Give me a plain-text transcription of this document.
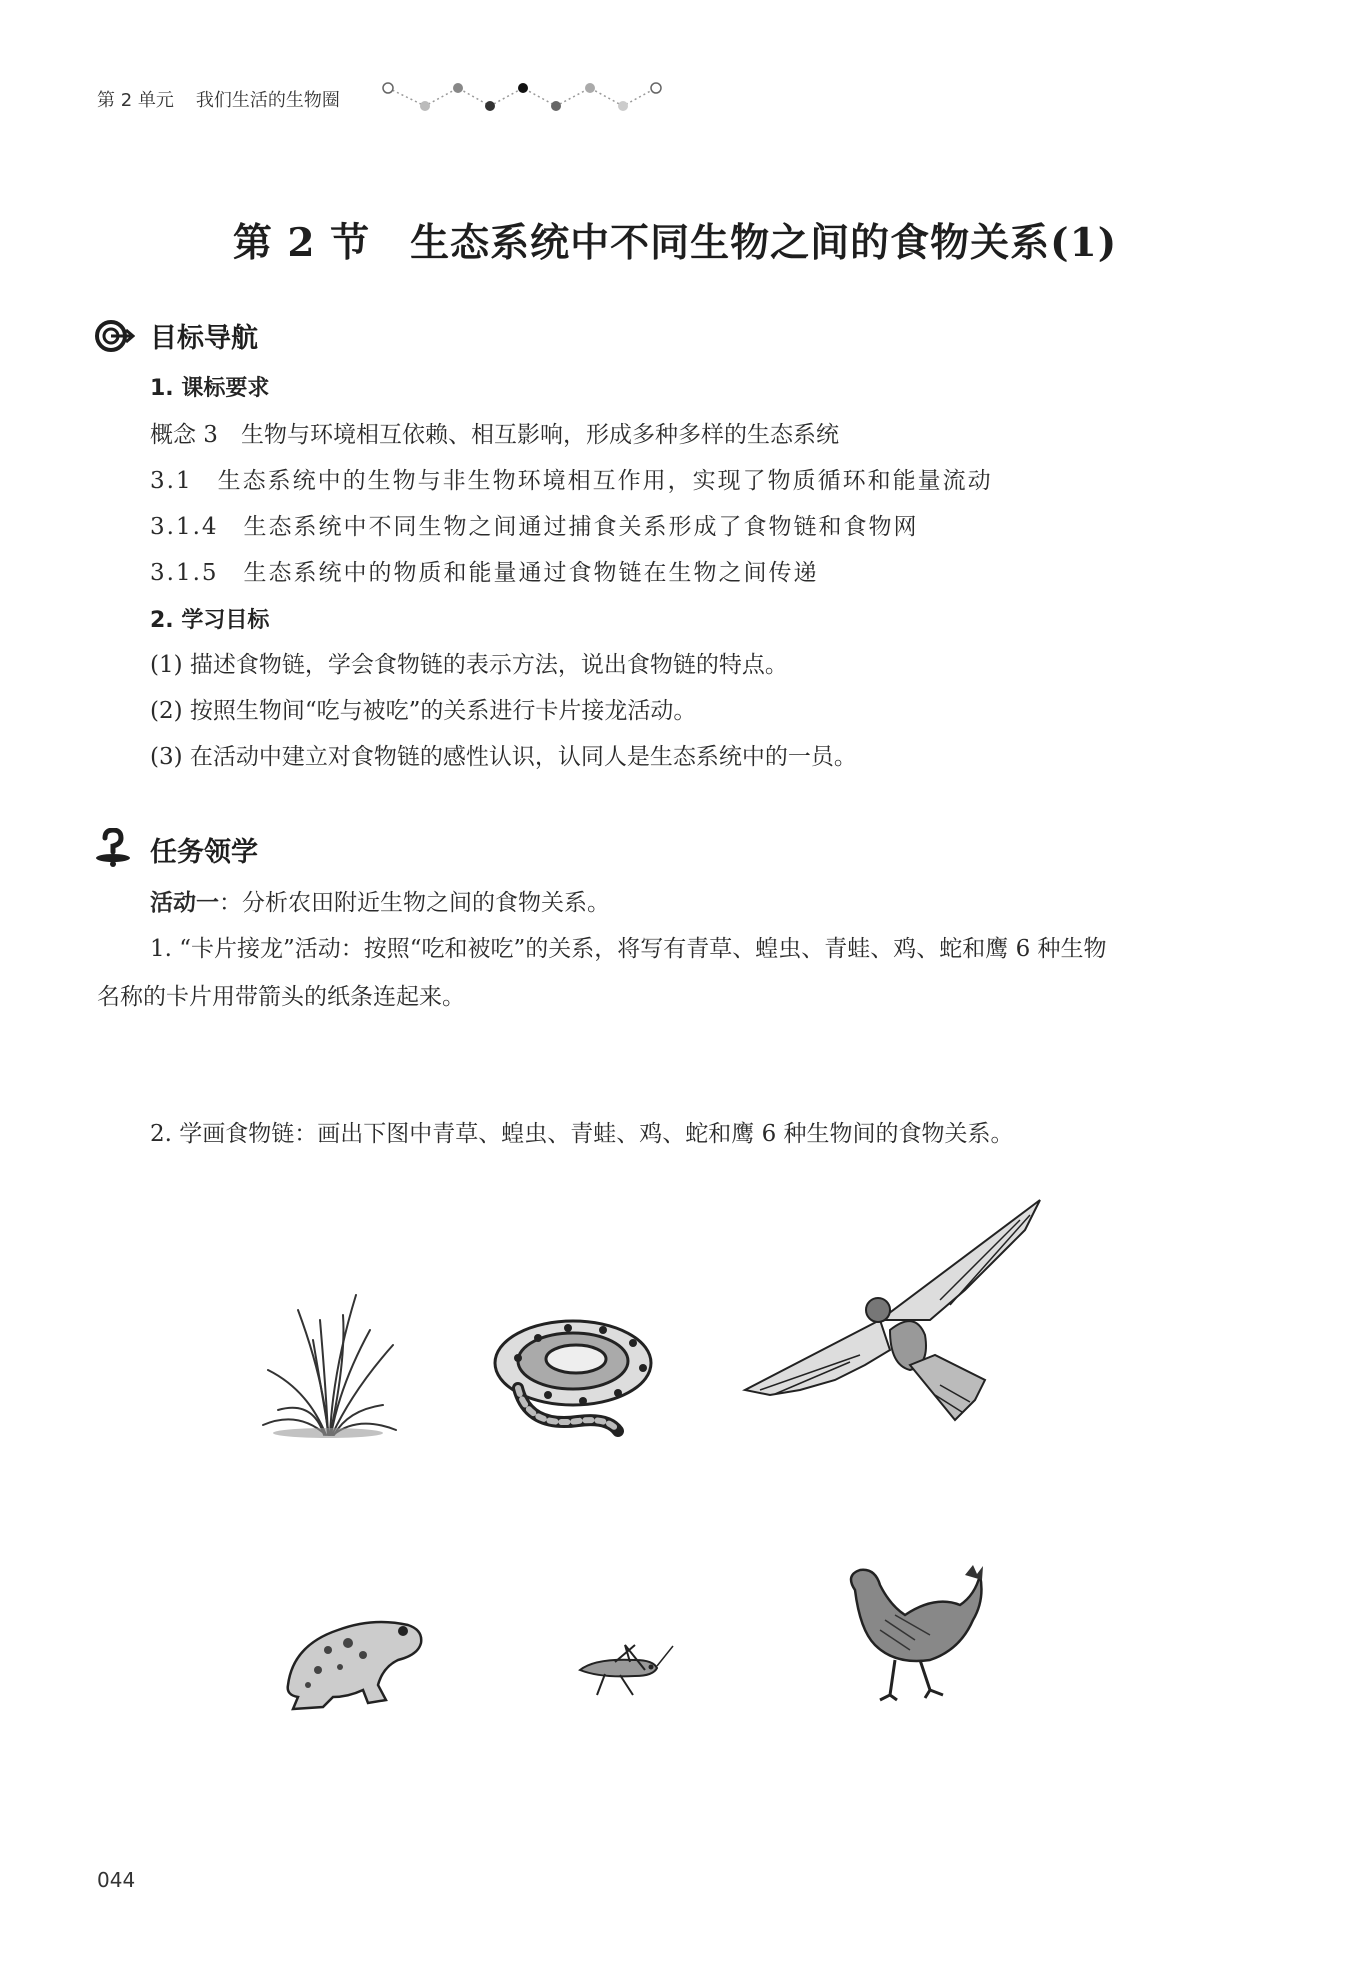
第 2 单元 我们生活的生物圈
第 2 节　生态系统中不同生物之间的食物关系(1)
目标导航
1. 课标要求
概念 3　生物与环境相互依赖、相互影响，形成多种多样的生态系统
3.1　生态系统中的生物与非生物环境相互作用，实现了物质循环和能量流动
3.1.4　生态系统中不同生物之间通过捕食关系形成了食物链和食物网
3.1.5　生态系统中的物质和能量通过食物链在生物之间传递
2. 学习目标
(1) 描述食物链，学会食物链的表示方法，说出食物链的特点。
(2) 按照生物间“吃与被吃”的关系进行卡片接龙活动。
(3) 在活动中建立对食物链的感性认识，认同人是生态系统中的一员。
任务领学
活动一：分析农田附近生物之间的食物关系。
1. “卡片接龙”活动：按照“吃和被吃”的关系，将写有青草、蝗虫、青蛙、鸡、蛇和鹰 6 种生物
名称的卡片用带箭头的纸条连起来。
2. 学画食物链：画出下图中青草、蝗虫、青蛙、鸡、蛇和鹰 6 种生物间的食物关系。
044
